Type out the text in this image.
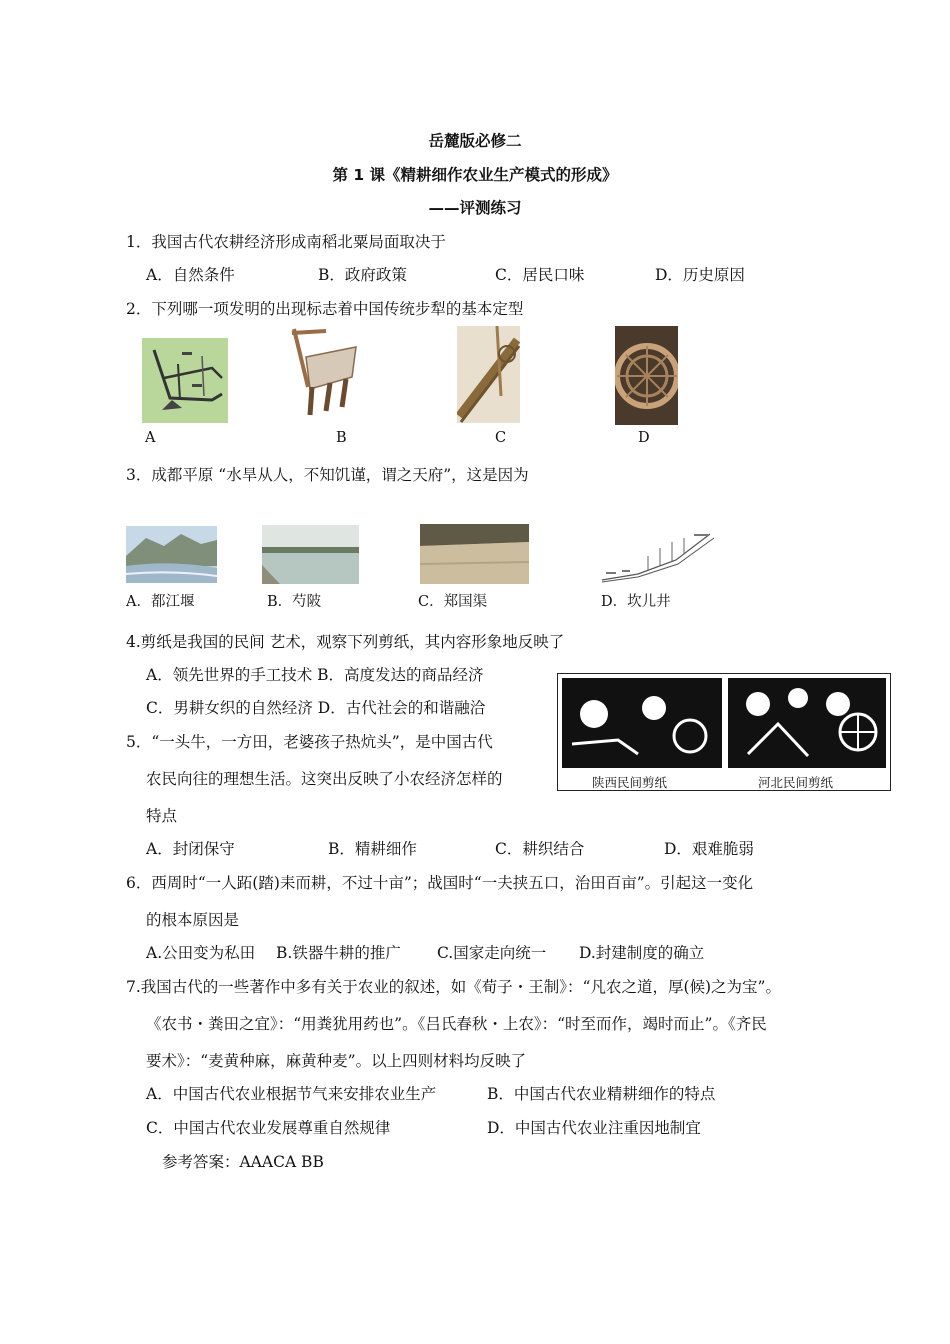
岳麓版必修二
第 1 课《精耕细作农业生产模式的形成》
——评测练习
1．我国古代农耕经济形成南稻北粟局面取决于
A．自然条件	B．政府政策	C．居民口味	D．历史原因
2．下列哪一项发明的出现标志着中国传统步犁的基本定型
A	B	C	D
3．成都平原 “水旱从人，不知饥谨，谓之天府”，这是因为
A．都江堰	B．芍陂	C．郑国渠	D．坎儿井
4.剪纸是我国的民间 艺术，观察下列剪纸，其内容形象地反映了
A．领先世界的手工技术 B．高度发达的商品经济
C．男耕女织的自然经济 D．古代社会的和谐融洽
陕西民间剪纸	河北民间剪纸
5．“一头牛，一方田，老婆孩子热炕头”，是中国古代
农民向往的理想生活。这突出反映了小农经济怎样的
特点
A．封闭保守	B．精耕细作	C．耕织结合	D．艰难脆弱
6．西周时“一人跖(踏)耒而耕，不过十亩”；战国时“一夫挟五口，治田百亩”。引起这一变化
的根本原因是
A.公田变为私田 B.铁器牛耕的推广 C.国家走向统一 D.封建制度的确立
7.我国古代的一些著作中多有关于农业的叙述，如《荀子・王制》：“凡农之道，厚(候)之为宝”。
《农书・粪田之宜》：“用粪犹用药也”。《吕氏春秋・上农》：“时至而作，竭时而止”。《齐民
要术》：“麦黄种麻，麻黄种麦”。以上四则材料均反映了
A．中国古代农业根据节气来安排农业生产	B．中国古代农业精耕细作的特点
C．中国古代农业发展尊重自然规律	D．中国古代农业注重因地制宜
参考答案：AAACA BB
